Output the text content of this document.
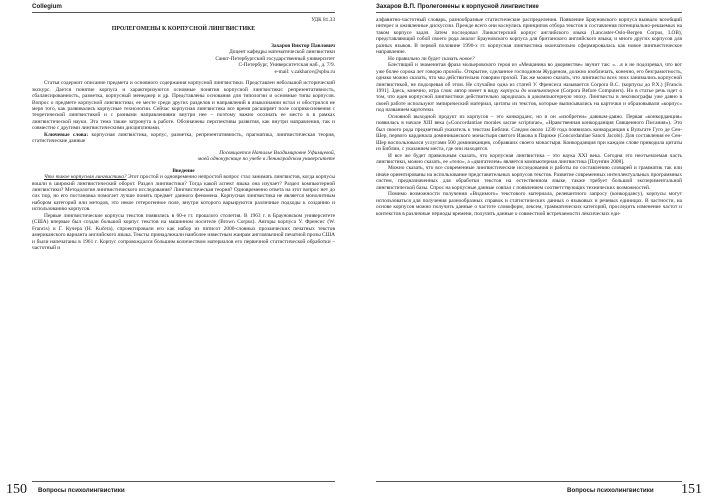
Collegium
УДК 81.33
ПРОЛЕГОМЕНЫ К КОРПУСНОЙ ЛИНГВИСТИКЕ
Захаров Виктор Павлович
Доцент кафедры математической лингвистики
Санкт-Петербургский государственный университет
С-Петербург, Университетская наб., д. 7/9.
e-mail: v.zakharov@spbu.ru

Статья содержит описание предмета и основного содержания корпусной лингвистики. Представлен небольшой исторический экскурс. Дается понятие корпуса и характеризуются основные понятия корпусной лингвистики: репрезентативность, сбалансированность, разметка, корпусный менеджер и др. Представлены основания для типологии и основные типы корпусов. Вопрос о предмете корпусной лингвистики, ее месте среди других разделов и направлений в языкознании встал и обострился не меря того, как развивались корпусные технологии. Сейчас корпусная лингвистика все время расширяет поле соприкосновения с теоретической лингвистикой и с разными направлениями внутри нее – поэтому важно осознать ее место в в рамках лингвистической науки. Эта тема также затронута в работе. Обозначены перспективы развития, как внутри направления, так и совместно с другими лингвистическими дисциплинами.

Ключевые слова: корпусная лингвистика, корпус, разметка, репрезентативность, прагматика, лингвистическая теория, статистические данные

Посвящается Наталье Владимировне Уфимцевой,
моей однокурснице по учебе в Ленинградском университете
Введение

Что такое корпусная лингвистика? Этот простой и одновременно непростой вопрос стал занимать лингвистов, когда корпусы вошли в широкий лингвистический оборот. Раздел лингвистики? Тогда какой аспект языка она изучает? Раздел компьютерной лингвистики? Методология лингвистического исследования? Лингвистическая теория? Одновременно ответа на этот вопрос нет до сих пор, но его постановка помогает лучше понять предмет данного феномена. Корпусная лингвистика не является монолитным набором категорий или методов, это некое гетерогенное поле, внутри которого варьируются различные подходы к созданию и использованию корпусов.

Первые лингвистические корпусы текстов появились в 60-е гг. прошлого столетия. В 1963 г. в Брауновском университете (США) впервые был создан большой корпус текстов на машинном носителе (Brown Corpus). Авторы корпуса У. Френсис (W. Francis) и Г. Кучера (H. Kučera), спроектировали его как набор из пятисот 2000-словных прозаических печатных текстов американского варианта английского языка. Тексты принадлежали наиболее известным жанрам англоязычной печатной прозы США и были напечатаны в 1961 г. Корпус сопровождался большим количеством материалов его первичной статистической обработки – частотный и

150 Вопросы психолингвистики
Захаров В.П. Пролегомены к корпусной лингвистике

алфавитно-частотный словарь, разнообразные статистические распределения. Появление Брауновского корпуса вызвало всеобщий интерес и оживленные дискуссии. Прежде всего они коснулись принципов отбора текстов и составления потенциально-решаемых на таком корпусе задач. Затем последовал Ланкастерский корпус английского языка (Lancaster-Oslo-Bergen Corpus, LOB), представляющий собой своего рода аналог Брауновского корпуса для британского английского языка, и много других корпусов для разных языков. В первой половине 1990-х гг. корпусная лингвистика окончательно сформировалась как новое лингвистическое направление.

Но правильно ли будет сказать новое?

Блестящий и знаменитая фраза мольеровского героя из «Мещанина во дворянстве» звучит так: «…я и не подозревал, что вот уже более сорока лет говорю прозой». Открытие, сделанное господином Журденом, должно изобличать, конечно, его безграмотность, однако можно сказать, что мы действительно говорим прозой. Так же можно сказать, что лингвисты всех эпох занимались корпусной лингвистикой, не подозревая об этом. Не случайно одна из статей У. Френсиса называется Corpora B.C. (корпусы до Р.Х.) [Francis 1991]. Здесь, конечно, игра слов: автор имеет в виду корпусы до компьютеров (Corpora Before Computers). Но в статье речь идет о том, что идея корпусной лингвистики действительно зародилась в докомпьютерную эпоху. Лингвисты и лексикографы уже давно в своей работе используют эмпирический материал, цитаты из текстов, которые выписывались на карточки и образовывали «корпус» под названием картотеки.

Основной выходной продукт из корпусов – это конкорданс, но и он «изобретен» давным-давно. Первая «конкорданция» появилась в начале XIII века («Concordantiae morales sacrae scripturae», «Нравственная конкорданция Священного Писания»). Это был своего рода предметный указатель к текстам Библии. Следом около 1230 года появилась конкорданция к Вульгате Гуго де Сен-Шер, первого кардинала доминиканского монастыря святого Иакова в Париже (Concordantiae Sancti Jacobi). Для составления ее Сен-Шер воспользовался услугами 500 доминиканцев, собравших своего монастыря. Конкорданция при каждом слове приводила цитаты из Библии, с указанием места, где они находятся.

И все же будет правильным сказать, что корпусная лингвистика – это наука XXI века. Сегодня это неотъемлемая часть лингвистики, можно сказать, ее «тело», а «двигателем» является компьютерная лингвистика [Плунгян 2008].

Можно сказать, что все современные лингвистические исследования и работы по составлению словарей и грамматик так или иначе ориентированы на использование представительных корпусов текстов. Развитие современных интеллектуальных программных систем, предназначенных для обработки текстов на естественном языке, также требует большой экспериментальной лингвистической базы. Спрос на корпусные данные совпал с появлением соответствующих технических возможностей.

Помимо возможности получения «Видимого» текстового материала, релевантного запросу (конкордансу), корпусы могут использоваться для получения разнообразных справок и статистических данных о языковых и речевых единицах. В частности, на основе корпусов можно получить данные о частоте словоформ, лексем, грамматических категорий, проследить изменение частот и контекстов в различные периоды времени, получить данные о совместной встречаемости лексических еди-

Вопросы психолингвистики 151
